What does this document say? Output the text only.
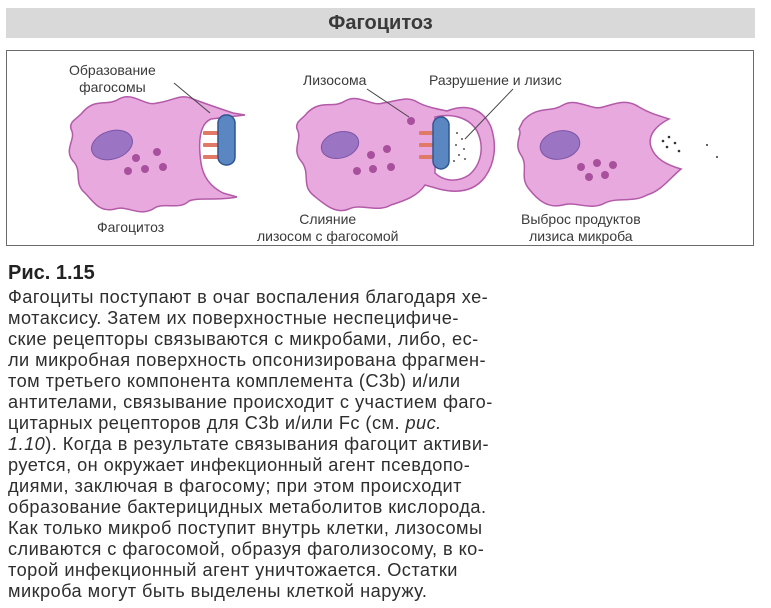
Фагоцитоз
Образование
фагосомы	Лизосома	Разрушение и лизис
Фагоцитоз	Слияние
лизосом с фагосомой
Выброс продуктов
лизиса микроба
Рис. 1.15
Фагоциты поступают в очаг воспаления благодаря хе-
мотаксису. Затем их поверхностные неспецифиче-
ские рецепторы связываются с микробами, либо, ес-
ли микробная поверхность опсонизирована фрагмен-
том третьего компонента комплемента (C3b) и/или
антителами, связывание происходит с участием фаго-
цитарных рецепторов для C3b и/или Fc (см. рис.
1.10). Когда в результате связывания фагоцит активи-
руется, он окружает инфекционный агент псевдопо-
диями, заключая в фагосому; при этом происходит
образование бактерицидных метаболитов кислорода.
Как только микроб поступит внутрь клетки, лизосомы
сливаются с фагосомой, образуя фаголизосому, в ко-
торой инфекционный агент уничтожается. Остатки
микроба могут быть выделены клеткой наружу.
